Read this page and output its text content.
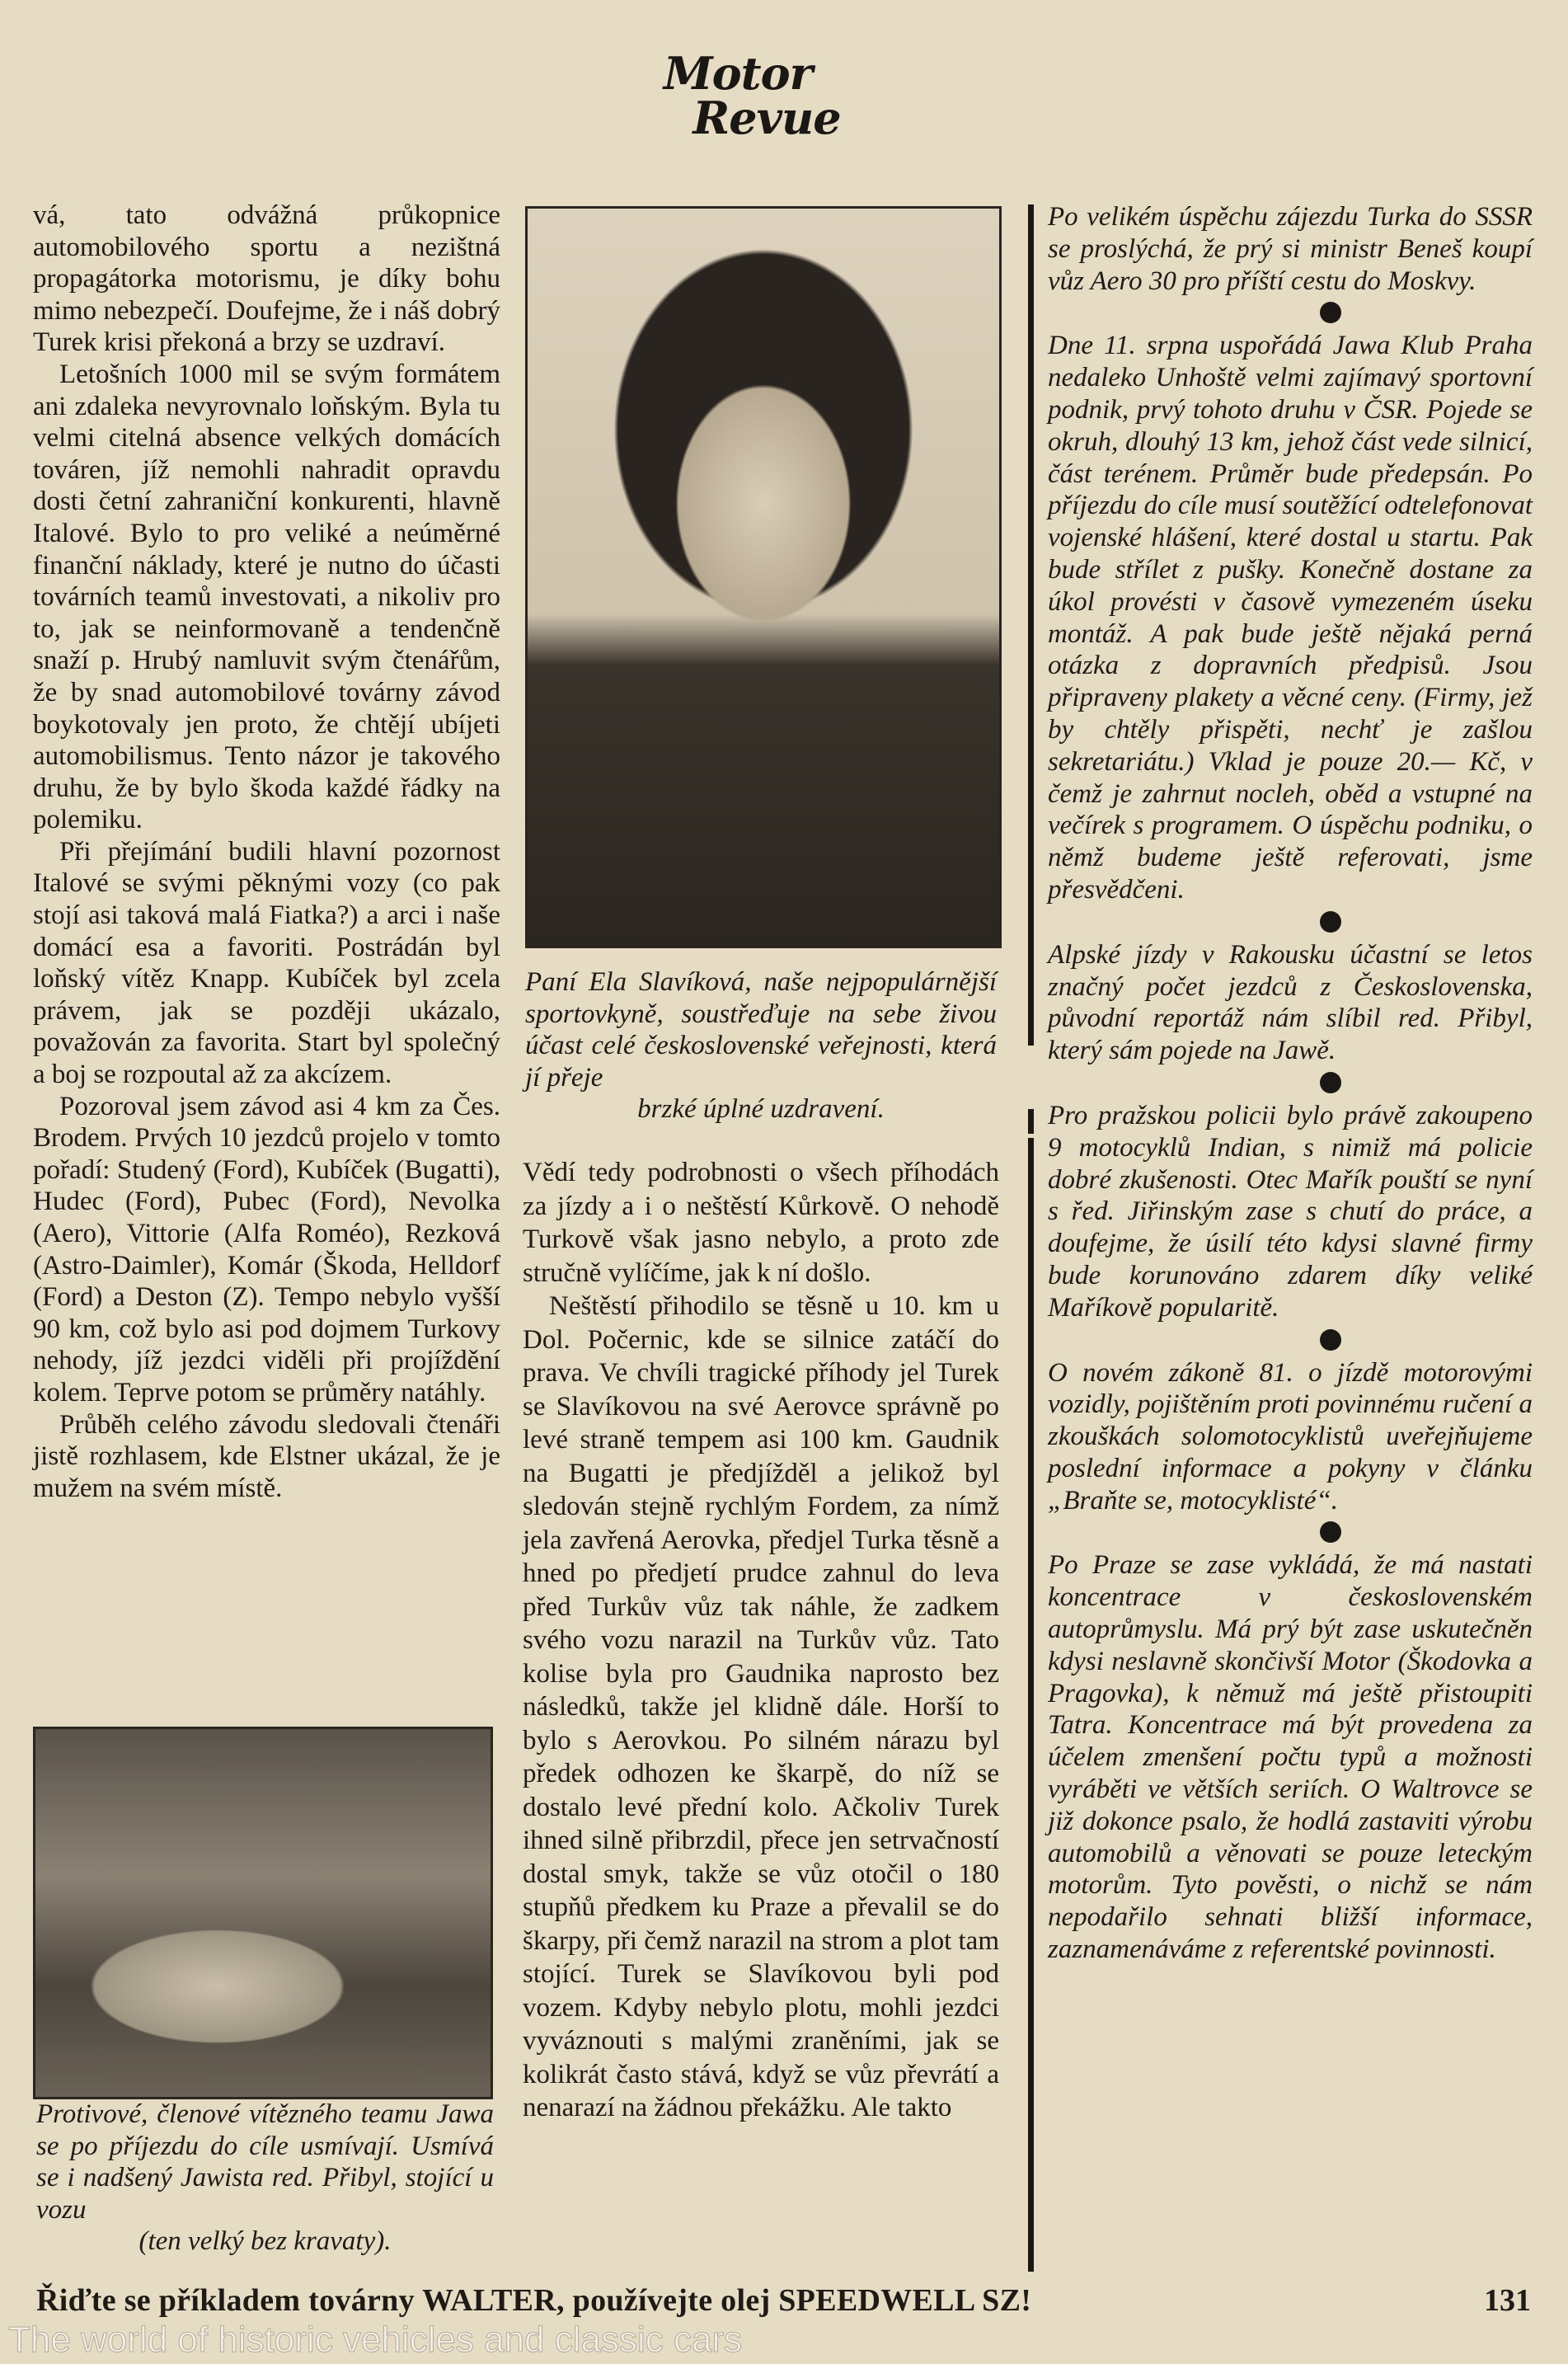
Motor
Revue

vá, tato odvážná průkopnice automobilového sportu a nezištná propagátorka motorismu, je díky bohu mimo nebezpečí. Doufejme, že i náš dobrý Turek krisi překoná a brzy se uzdraví.

Letošních 1000 mil se svým formátem ani zdaleka nevyrovnalo loňským. Byla tu velmi citelná absence velkých domácích továren, jíž nemohli nahradit opravdu dosti četní zahraniční konkurenti, hlavně Italové. Bylo to pro veliké a neúměrné finanční náklady, které je nutno do účasti továrních teamů investovati, a nikoliv pro to, jak se neinformovaně a tendenčně snaží p. Hrubý namluvit svým čtenářům, že by snad automobilové továrny závod boykotovaly jen proto, že chtějí ubíjeti automobilismus. Tento názor je takového druhu, že by bylo škoda každé řádky na polemiku.

Při přejímání budili hlavní pozornost Italové se svými pěknými vozy (co pak stojí asi taková malá Fiatka?) a arci i naše domácí esa a favoriti. Postrádán byl loňský vítěz Knapp. Kubíček byl zcela právem, jak se později ukázalo, považován za favorita. Start byl společný a boj se rozpoutal až za akcízem.

Pozoroval jsem závod asi 4 km za Čes. Brodem. Prvých 10 jezdců projelo v tomto pořadí: Studený (Ford), Kubíček (Bugatti), Hudec (Ford), Pubec (Ford), Nevolka (Aero), Vittorie (Alfa Roméo), Rezková (Astro-Daimler), Komár (Škoda, Helldorf (Ford) a Deston (Z). Tempo nebylo vyšší 90 km, což bylo asi pod dojmem Turkovy nehody, jíž jezdci viděli při projíždění kolem. Teprve potom se průměry natáhly.

Průběh celého závodu sledovali čtenáři jistě rozhlasem, kde Elstner ukázal, že je mužem na svém místě.

Protivové, členové vítězného teamu Jawa se po příjezdu do cíle usmívají. Usmívá se i nadšený Jawista red. Přibyl, stojící u vozu
(ten velký bez kravaty).
Paní Ela Slavíková, naše nejpopulárnější sportovkyně, soustřeďuje na sebe živou účast celé československé veřejnosti, která jí přeje
brzké úplné uzdravení.

Vědí tedy podrobnosti o všech příhodách za jízdy a i o neštěstí Kůrkově. O nehodě Turkově však jasno nebylo, a proto zde stručně vylíčíme, jak k ní došlo.

Neštěstí přihodilo se těsně u 10. km u Dol. Počernic, kde se silnice zatáčí do prava. Ve chvíli tragické příhody jel Turek se Slavíkovou na své Aerovce správně po levé straně tempem asi 100 km. Gaudnik na Bugatti je předjížděl a jelikož byl sledován stejně rychlým Fordem, za nímž jela zavřená Aerovka, předjel Turka těsně a hned po předjetí prudce zahnul do leva před Turkův vůz tak náhle, že zadkem svého vozu narazil na Turkův vůz. Tato kolise byla pro Gaudnika naprosto bez následků, takže jel klidně dále. Horší to bylo s Aerovkou. Po silném nárazu byl předek odhozen ke škarpě, do níž se dostalo levé přední kolo. Ačkoliv Turek ihned silně přibrzdil, přece jen setrvačností dostal smyk, takže se vůz otočil o 180 stupňů předkem ku Praze a převalil se do škarpy, při čemž narazil na strom a plot tam stojící. Turek se Slavíkovou byli pod vozem. Kdyby nebylo plotu, mohli jezdci vyváznouti s malými zraněními, jak se kolikrát často stává, když se vůz převrátí a nenarazí na žádnou překážku. Ale takto

Po velikém úspěchu zájezdu Turka do SSSR se proslýchá, že prý si ministr Beneš koupí vůz Aero 30 pro příští cestu do Moskvy.

Dne 11. srpna uspořádá Jawa Klub Praha nedaleko Unhoště velmi zajímavý sportovní podnik, prvý tohoto druhu v ČSR. Pojede se okruh, dlouhý 13 km, jehož část vede silnicí, část terénem. Průměr bude předepsán. Po příjezdu do cíle musí soutěžící odtelefonovat vojenské hlášení, které dostal u startu. Pak bude střílet z pušky. Konečně dostane za úkol provésti v časově vymezeném úseku montáž. A pak bude ještě nějaká perná otázka z dopravních předpisů. Jsou připraveny plakety a věcné ceny. (Firmy, jež by chtěly přispěti, nechť je zašlou sekretariátu.) Vklad je pouze 20.— Kč, v čemž je zahrnut nocleh, oběd a vstupné na večírek s programem. O úspěchu podniku, o němž budeme ještě referovati, jsme přesvědčeni.

Alpské jízdy v Rakousku účastní se letos značný počet jezdců z Československa, původní reportáž nám slíbil red. Přibyl, který sám pojede na Jawě.

Pro pražskou policii bylo právě zakoupeno 9 motocyklů Indian, s nimiž má policie dobré zkušenosti. Otec Mařík pouští se nyní s řed. Jiřinským zase s chutí do práce, a doufejme, že úsilí této kdysi slavné firmy bude korunováno zdarem díky veliké Maříkově popularitě.

O novém zákoně 81. o jízdě motorovými vozidly, pojištěním proti povinnému ručení a zkouškách solomotocyklistů uveřejňujeme poslední informace a pokyny v článku „Braňte se, motocyklisté“.

Po Praze se zase vykládá, že má nastati koncentrace v československém autoprůmyslu. Má prý být zase uskutečněn kdysi neslavně skončivší Motor (Škodovka a Pragovka), k němuž má ještě přistoupiti Tatra. Koncentrace má být provedena za účelem zmenšení počtu typů a možnosti vyráběti ve větších seriích. O Waltrovce se již dokonce psalo, že hodlá zastaviti výrobu automobilů a věnovati se pouze leteckým motorům. Tyto pověsti, o nichž se nám nepodařilo sehnati bližší informace, zaznamenáváme z referentské povinnosti.

Řiďte se příkladem továrny WALTER, používejte olej SPEEDWELL SZ!	131
The world of historic vehicles and classic cars
